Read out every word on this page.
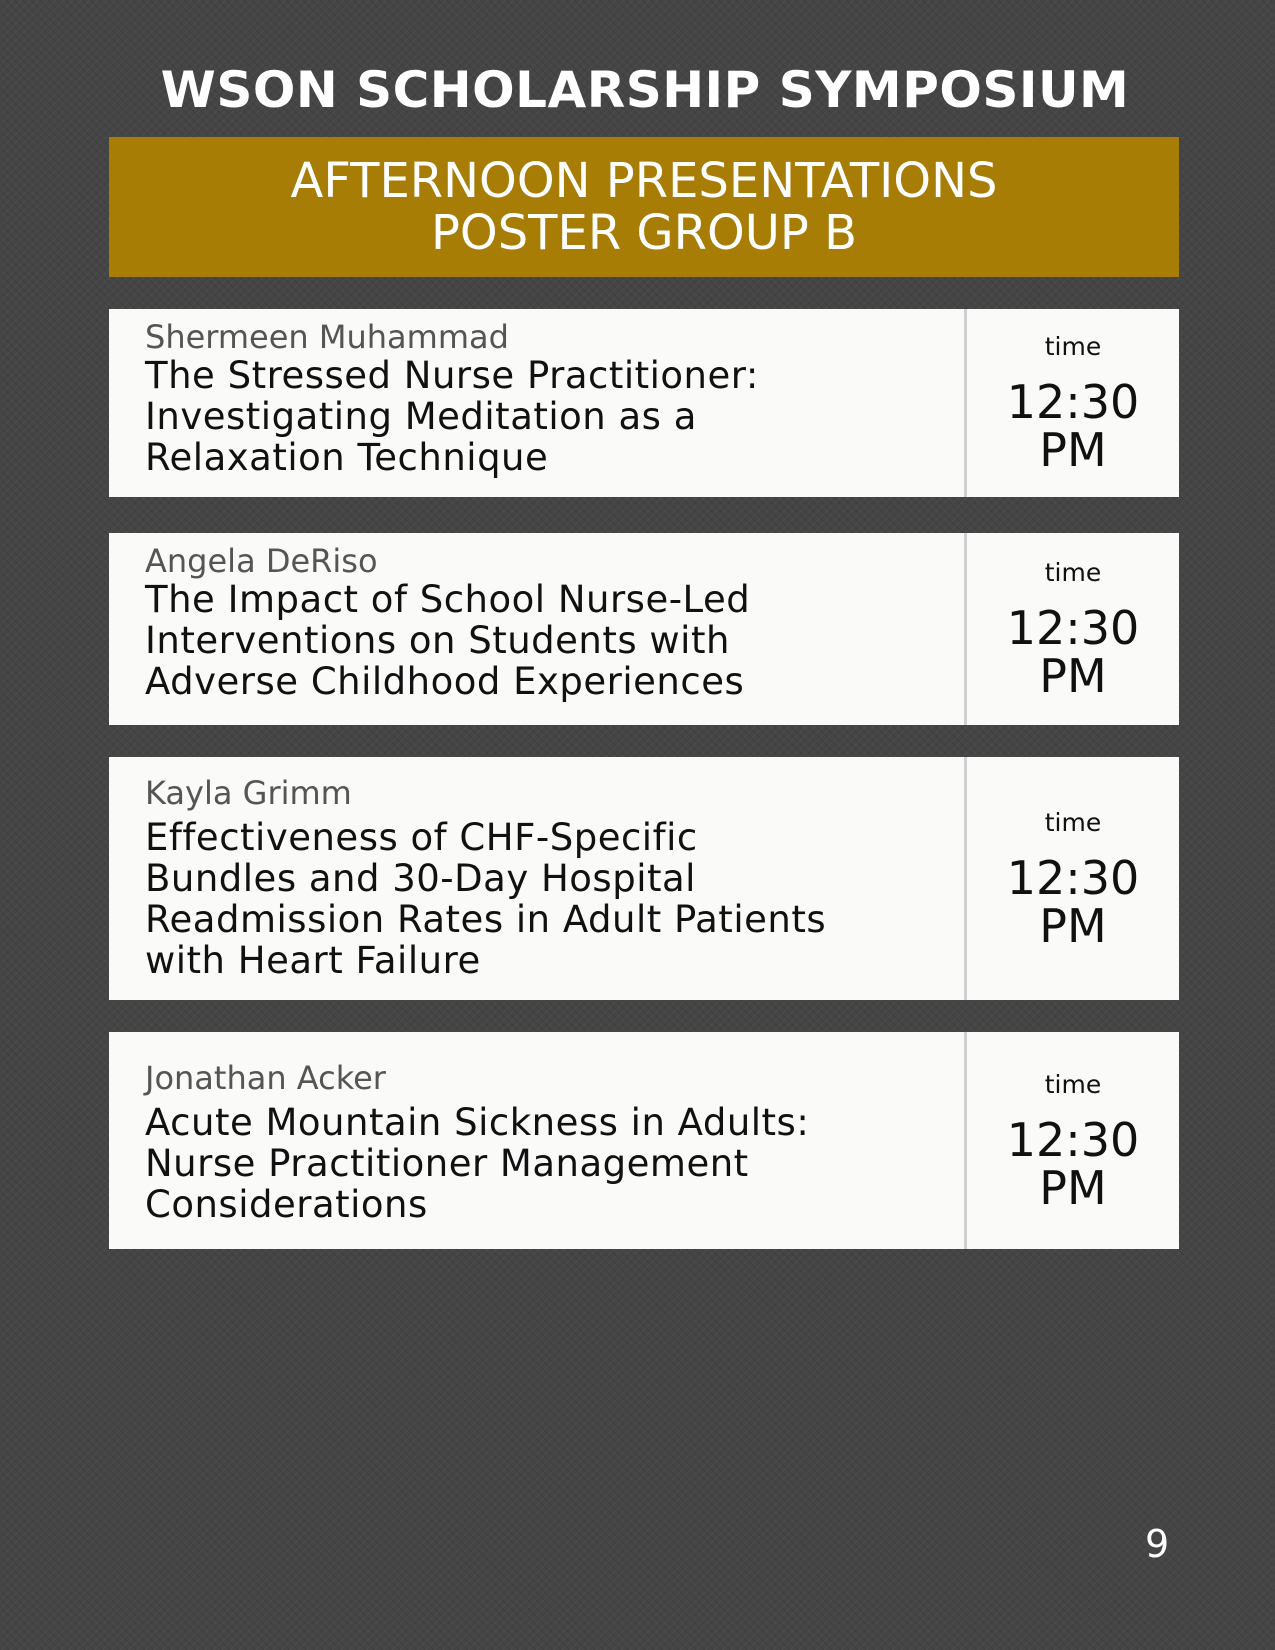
WSON SCHOLARSHIP SYMPOSIUM
AFTERNOON PRESENTATIONS
POSTER GROUP B
Shermeen Muhammad
The Stressed Nurse Practitioner:
Investigating Meditation as a
Relaxation Technique
time
12:30
PM
Angela DeRiso
The Impact of School Nurse-Led
Interventions on Students with
Adverse Childhood Experiences
time
12:30
PM
Kayla Grimm
Effectiveness of CHF-Specific
Bundles and 30-Day Hospital
Readmission Rates in Adult Patients
with Heart Failure
time
12:30
PM
Jonathan Acker
Acute Mountain Sickness in Adults:
Nurse Practitioner Management
Considerations
time
12:30
PM
9
